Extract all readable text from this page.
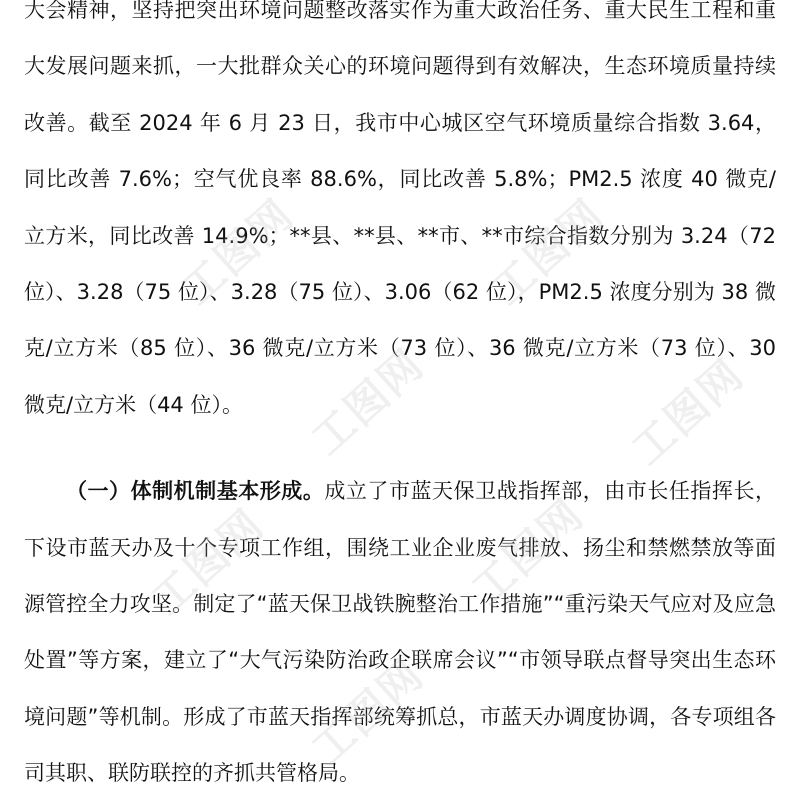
大会精神，坚持把突出环境问题整改落实作为重大政治任务、重大民生工程和重大发展问题来抓，一大批群众关心的环境问题得到有效解决，生态环境质量持续改善。截至 2024 年 6 月 23 日，我市中心城区空气环境质量综合指数 3.64，同比改善 7.6%；空气优良率 88.6%，同比改善 5.8%；PM2.5 浓度 40 微克/立方米，同比改善 14.9%；**县、**县、**市、**市综合指数分别为 3.24（72 位）、3.28（75 位）、3.28（75 位）、3.06（62 位），PM2.5 浓度分别为 38 微克/立方米（85 位）、36 微克/立方米（73 位）、36 微克/立方米（73 位）、30 微克/立方米（44 位）。

（一）体制机制基本形成。成立了市蓝天保卫战指挥部，由市长任指挥长，下设市蓝天办及十个专项工作组，围绕工业企业废气排放、扬尘和禁燃禁放等面源管控全力攻坚。制定了“蓝天保卫战铁腕整治工作措施”“重污染天气应对及应急处置”等方案，建立了“大气污染防治政企联席会议”“市领导联点督导突出生态环境问题”等机制。形成了市蓝天指挥部统筹抓总，市蓝天办调度协调，各专项组各司其职、联防联控的齐抓共管格局。

工图网
工图网
工图网
工图网	工图网
工图网
工图网
